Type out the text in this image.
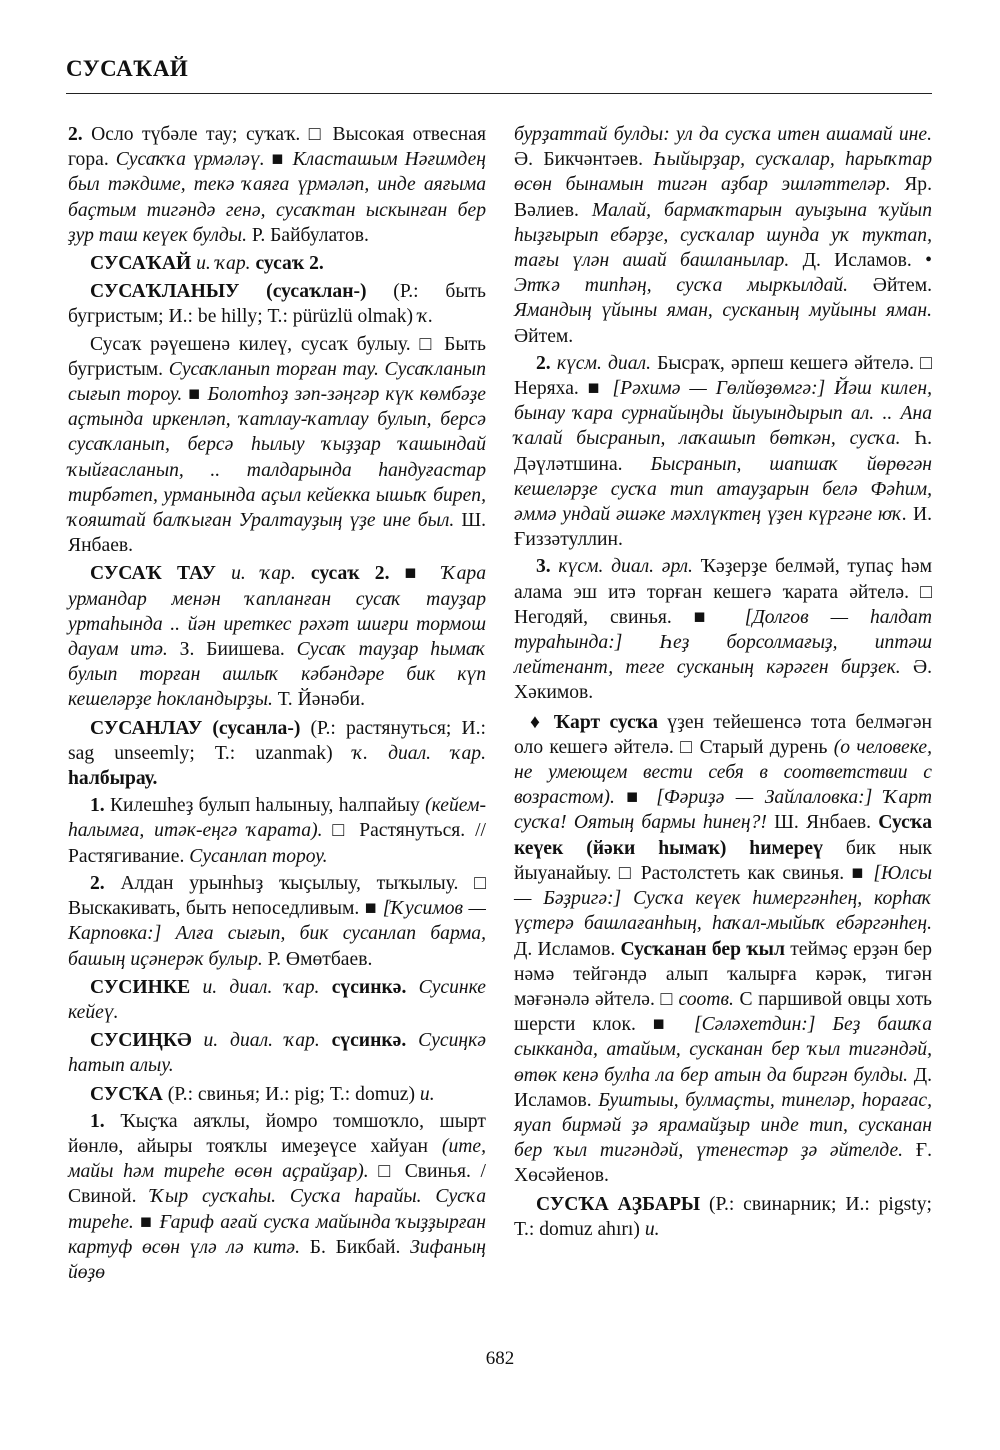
СУСАҠАЙ

2. Осло түбәле тау; суҡаҡ. □ Высокая отвесная гора. Сусаҡҡа үрмәләү. ■ Класташым Нәғимдең был тәкдиме, текә ҡаяға үрмәләп, инде аяғыма баҫтым тигәндә генә, сусаҡтан ыскынған бер ҙур таш кеүек булды. Р. Байбулатов.

СУСАҠАЙ и. ҡар. сусаҡ 2.

СУСАҠЛАНЫУ (сусаҡлан-) (Р.: быть бугристым; И.: be hilly; Т.: pürüzlü olmak) ҡ.

Сусаҡ рәүешенә килеү, сусаҡ булыу. □ Быть бугристым. Сусаҡланып торған тау. Сусаҡланып сығып тороу. ■ Болотһоҙ зәп-зәңгәр күк көмбәҙе аҫтында иркенләп, ҡатлау-ҡатлау булып, берсә сусаҡланып, берсә һылыу ҡыҙҙар ҡашындай ҡыйғасланып, .. талдарында һандуғастар тирбәтеп, урманында аҫыл кейекка ышыҡ биреп, ҡояштай балҡыған Уралтауҙың үҙе ине был. Ш. Янбаев.

СУСАҠ ТАУ и. ҡар. сусаҡ 2. ■ Ҡара урмандар менән ҡапланған сусаҡ тауҙар уртаһында .. йән иреткес рәхәт шиғри тормош дауам итә. З. Биишева. Сусаҡ тауҙар һымаҡ булып торған ашлыҡ кәбәндәре бик күп кешеләрҙе һокландырҙы. Т. Йәнәби.

СУСАНЛАУ (сусанла-) (Р.: растянуться; И.: sag unseemly; Т.: uzanmak) ҡ. диал. ҡар. һалбырау.

1. Килешһеҙ булып һалыныу, һалпайыу (кейем-һалымға, итәк-еңгә ҡарата). □ Растянуться. // Растягивание. Сусанлап тороу.

2. Алдан урынһыҙ ҡыҫылыу, тыҡылыу. □ Выскакивать, быть непоседливым. ■ [Ҡусимов — Карповка:] Алға сығып, бик сусанлап барма, башың иҫәнерәк булыр. Р. Өмөтбаев.

СУСИНКЕ и. диал. ҡар. сүсинкә. Сусинке кейеү.

СУСИҢКӘ и. диал. ҡар. сүсинкә. Сусиңкә һатып алыу.

СУСҠА (Р.: свинья; И.: pig; Т.: domuz) и.

1. Ҡыҫҡа аяҡлы, йомро томшоҡло, шырт йөнлө, айыры тояҡлы имеҙеүсе хайуан (ите, майы һәм тиреһе өсөн аҫрайҙар). □ Свинья. / Свиной. Ҡыр сусҡаһы. Сусҡа һарайы. Сусҡа тиреһе. ■ Ғариф ағай сусҡа майында ҡыҙҙырған картуф өсөн үлә лә китә. Б. Бикбай. Зифаның йөҙө

бурҙаттай булды: ул да сусҡа итен ашамай ине. Ә. Бикчәнтәев. Һыйырҙар, сусҡалар, һарыҡтар өсөн бынамын тигән аҙбар эшләттеләр. Яр. Вәлиев. Малай, бармаҡтарын ауыҙына ҡуйып һыҙғырып ебәрҙе, сусҡалар шунда уҡ туктап, тағы үлән ашай башланылар. Д. Исламов. • Этҡә типһәң, сусҡа мыркылдай. Әйтем. Ямандың үйыны яман, сусканың муйыны яман. Әйтем.

2. күсм. диал. Бысраҡ, әрпеш кешегә әйтелә. □ Неряха. ■ [Рәхимә — Гөлйөҙөмгә:] Йәш килен, бынау ҡара сурнайыңды йыуындырып ал. .. Ана ҡалай бысранып, лаҡашып бөткән, сусҡа. Һ. Дәүләтшина. Бысранып, шапшаҡ йөрөгән кешеләрҙе сусҡа тип атауҙарын белә Фәһим, әммә ундай әшәке мәхлүктең үҙен күргәне юҡ. И. Ғиззәтуллин.

3. күсм. диал. әрл. Ҡәҙерҙе белмәй, тупаҫ һәм алама эш итә торған кешегә ҡарата әйтелә. □ Негодяй, свинья. ■ [Долгов — һалдат тураһында:] Һеҙ борсолмағыҙ, иптәш лейтенант, теге сусканың кәрәген бирҙек. Ә. Хәкимов.

♦ Ҡарт сусҡа үҙен тейешенсә тота белмәгән оло кешегә әйтелә. □ Старый дурень (о человеке, не умеющем вести себя в соответствии с возрастом). ■ [Фәриҙә — Зайлаловка:] Ҡарт сусҡа! Оятың бармы һинең?! Ш. Янбаев. Сусҡа кеүек (йәки һымаҡ) һимереү бик нык йыуанайыу. □ Растолстеть как свинья. ■ [Юлсы — Бәҙригә:] Сусҡа кеүек һимергәнһең, корһаҡ үҫтерә башлағанһың, һаҡал-мыйыҡ ебәргәнһең. Д. Исламов. Сусҡанан бер ҡыл теймәҫ ерҙән бер нәмә тейгәндә алып ҡалырға кәрәк, тигән мәғәнәлә әйтелә. □ соотв. С паршивой овцы хоть шерсти клок. ■ [Сәләхетдин:] Беҙ башҡа сыкканда, атайым, сусканан бер ҡыл тигәндәй, өтөк кенә булһа ла бер атын да биргән булды. Д. Исламов. Буштыы, булмаҫты, тинеләр, һорағас, яуап бирмәй ҙә ярамайҙыр инде тип, сусканан бер ҡыл тигәндәй, үтенестәр ҙә әйтелде. Ғ. Хөсәйенов.

СУСҠА АҘБАРЫ (Р.: свинарник; И.: pigsty; Т.: domuz ahırı) и.

682
